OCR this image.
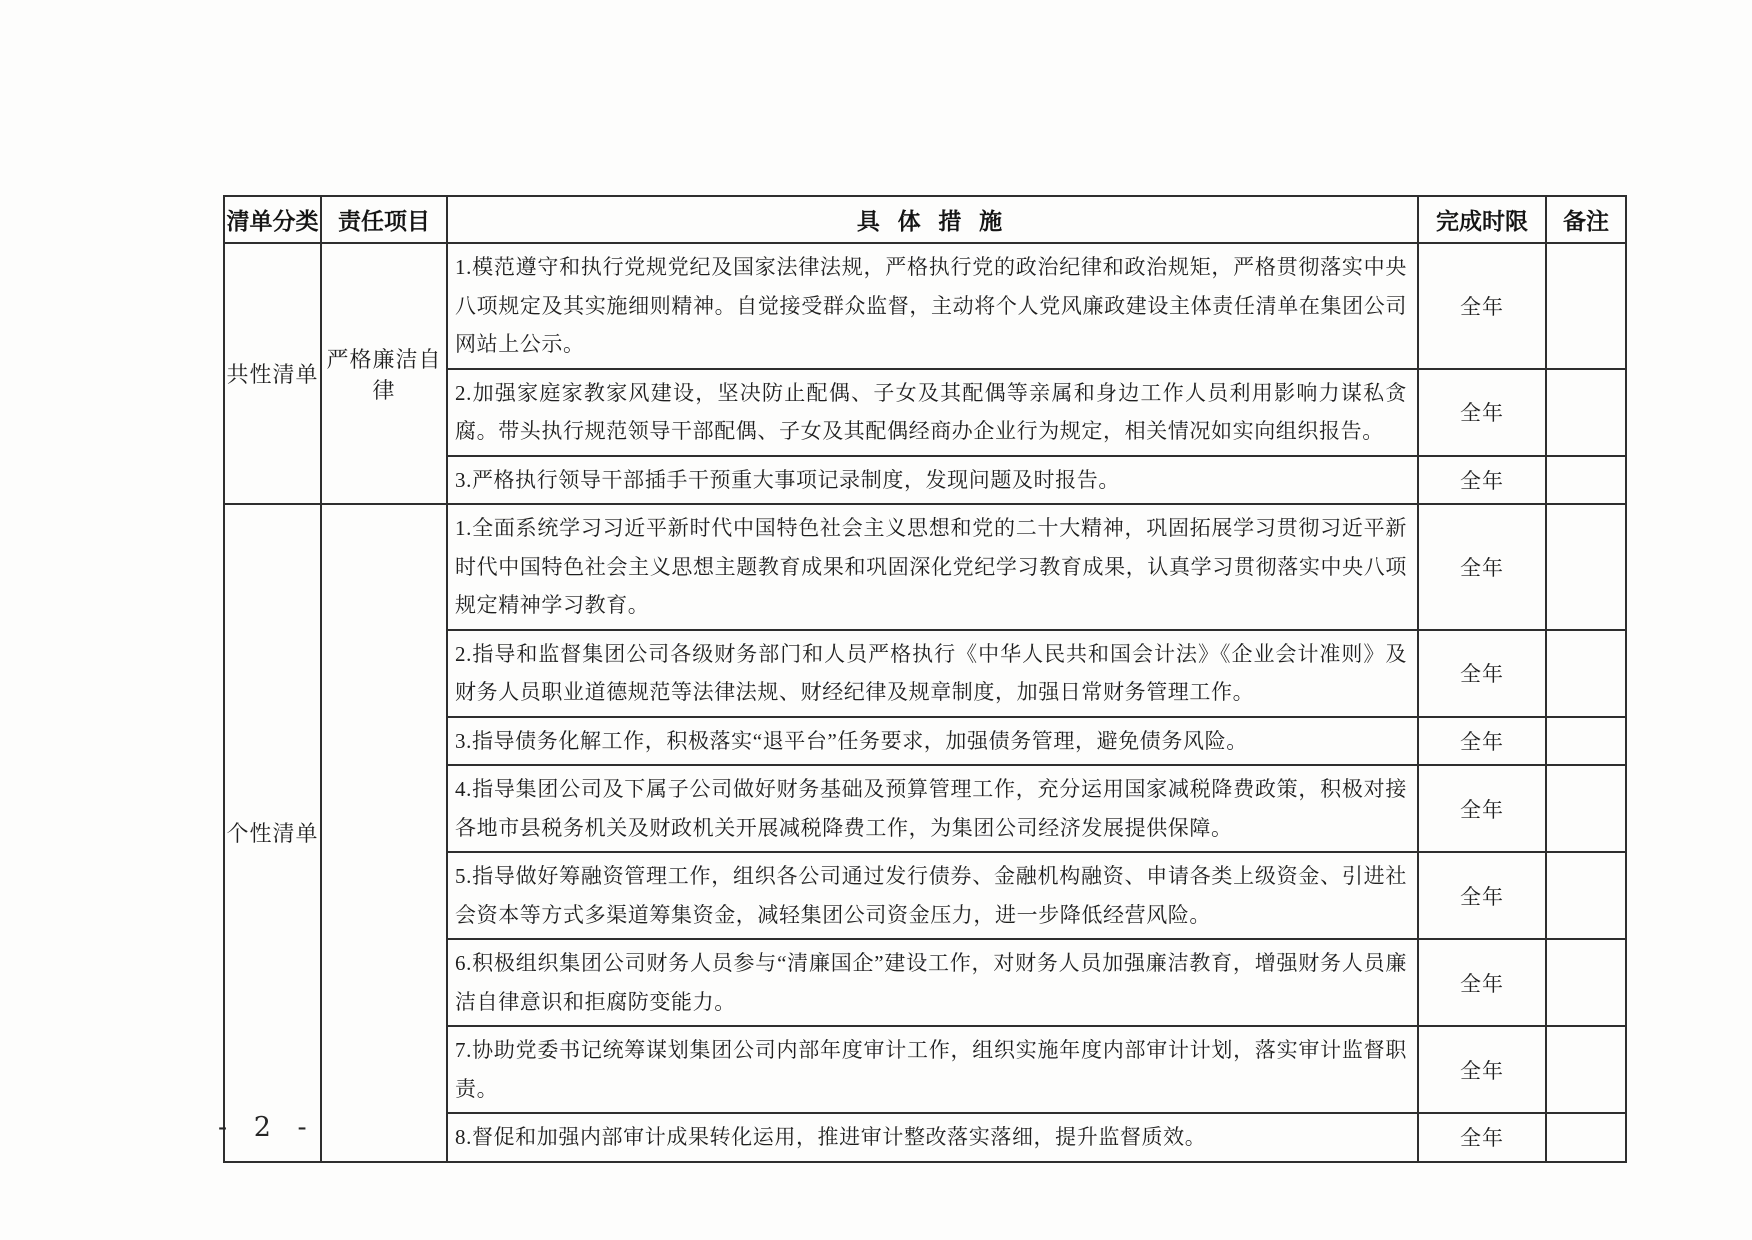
清单分类	责任项目	具 体 措 施	完成时限	备注
共性清单	严格廉洁自律	1.模范遵守和执行党规党纪及国家法律法规，严格执行党的政治纪律和政治规矩，严格贯彻落实中央八项规定及其实施细则精神。自觉接受群众监督，主动将个人党风廉政建设主体责任清单在集团公司网站上公示。	全年	
		2.加强家庭家教家风建设，坚决防止配偶、子女及其配偶等亲属和身边工作人员利用影响力谋私贪腐。带头执行规范领导干部配偶、子女及其配偶经商办企业行为规定，相关情况如实向组织报告。	全年	
		3.严格执行领导干部插手干预重大事项记录制度，发现问题及时报告。	全年	
个性清单		1.全面系统学习习近平新时代中国特色社会主义思想和党的二十大精神，巩固拓展学习贯彻习近平新时代中国特色社会主义思想主题教育成果和巩固深化党纪学习教育成果，认真学习贯彻落实中央八项规定精神学习教育。	全年	
		2.指导和监督集团公司各级财务部门和人员严格执行《中华人民共和国会计法》《企业会计准则》及财务人员职业道德规范等法律法规、财经纪律及规章制度，加强日常财务管理工作。	全年	
		3.指导债务化解工作，积极落实“退平台”任务要求，加强债务管理，避免债务风险。	全年	
		4.指导集团公司及下属子公司做好财务基础及预算管理工作，充分运用国家减税降费政策，积极对接各地市县税务机关及财政机关开展减税降费工作，为集团公司经济发展提供保障。	全年	
		5.指导做好筹融资管理工作，组织各公司通过发行债券、金融机构融资、申请各类上级资金、引进社会资本等方式多渠道筹集资金，减轻集团公司资金压力，进一步降低经营风险。	全年	
		6.积极组织集团公司财务人员参与“清廉国企”建设工作，对财务人员加强廉洁教育，增强财务人员廉洁自律意识和拒腐防变能力。	全年	
		7.协助党委书记统筹谋划集团公司内部年度审计工作，组织实施年度内部审计计划，落实审计监督职责。	全年	
		8.督促和加强内部审计成果转化运用，推进审计整改落实落细，提升监督质效。	全年	
- 2 -
